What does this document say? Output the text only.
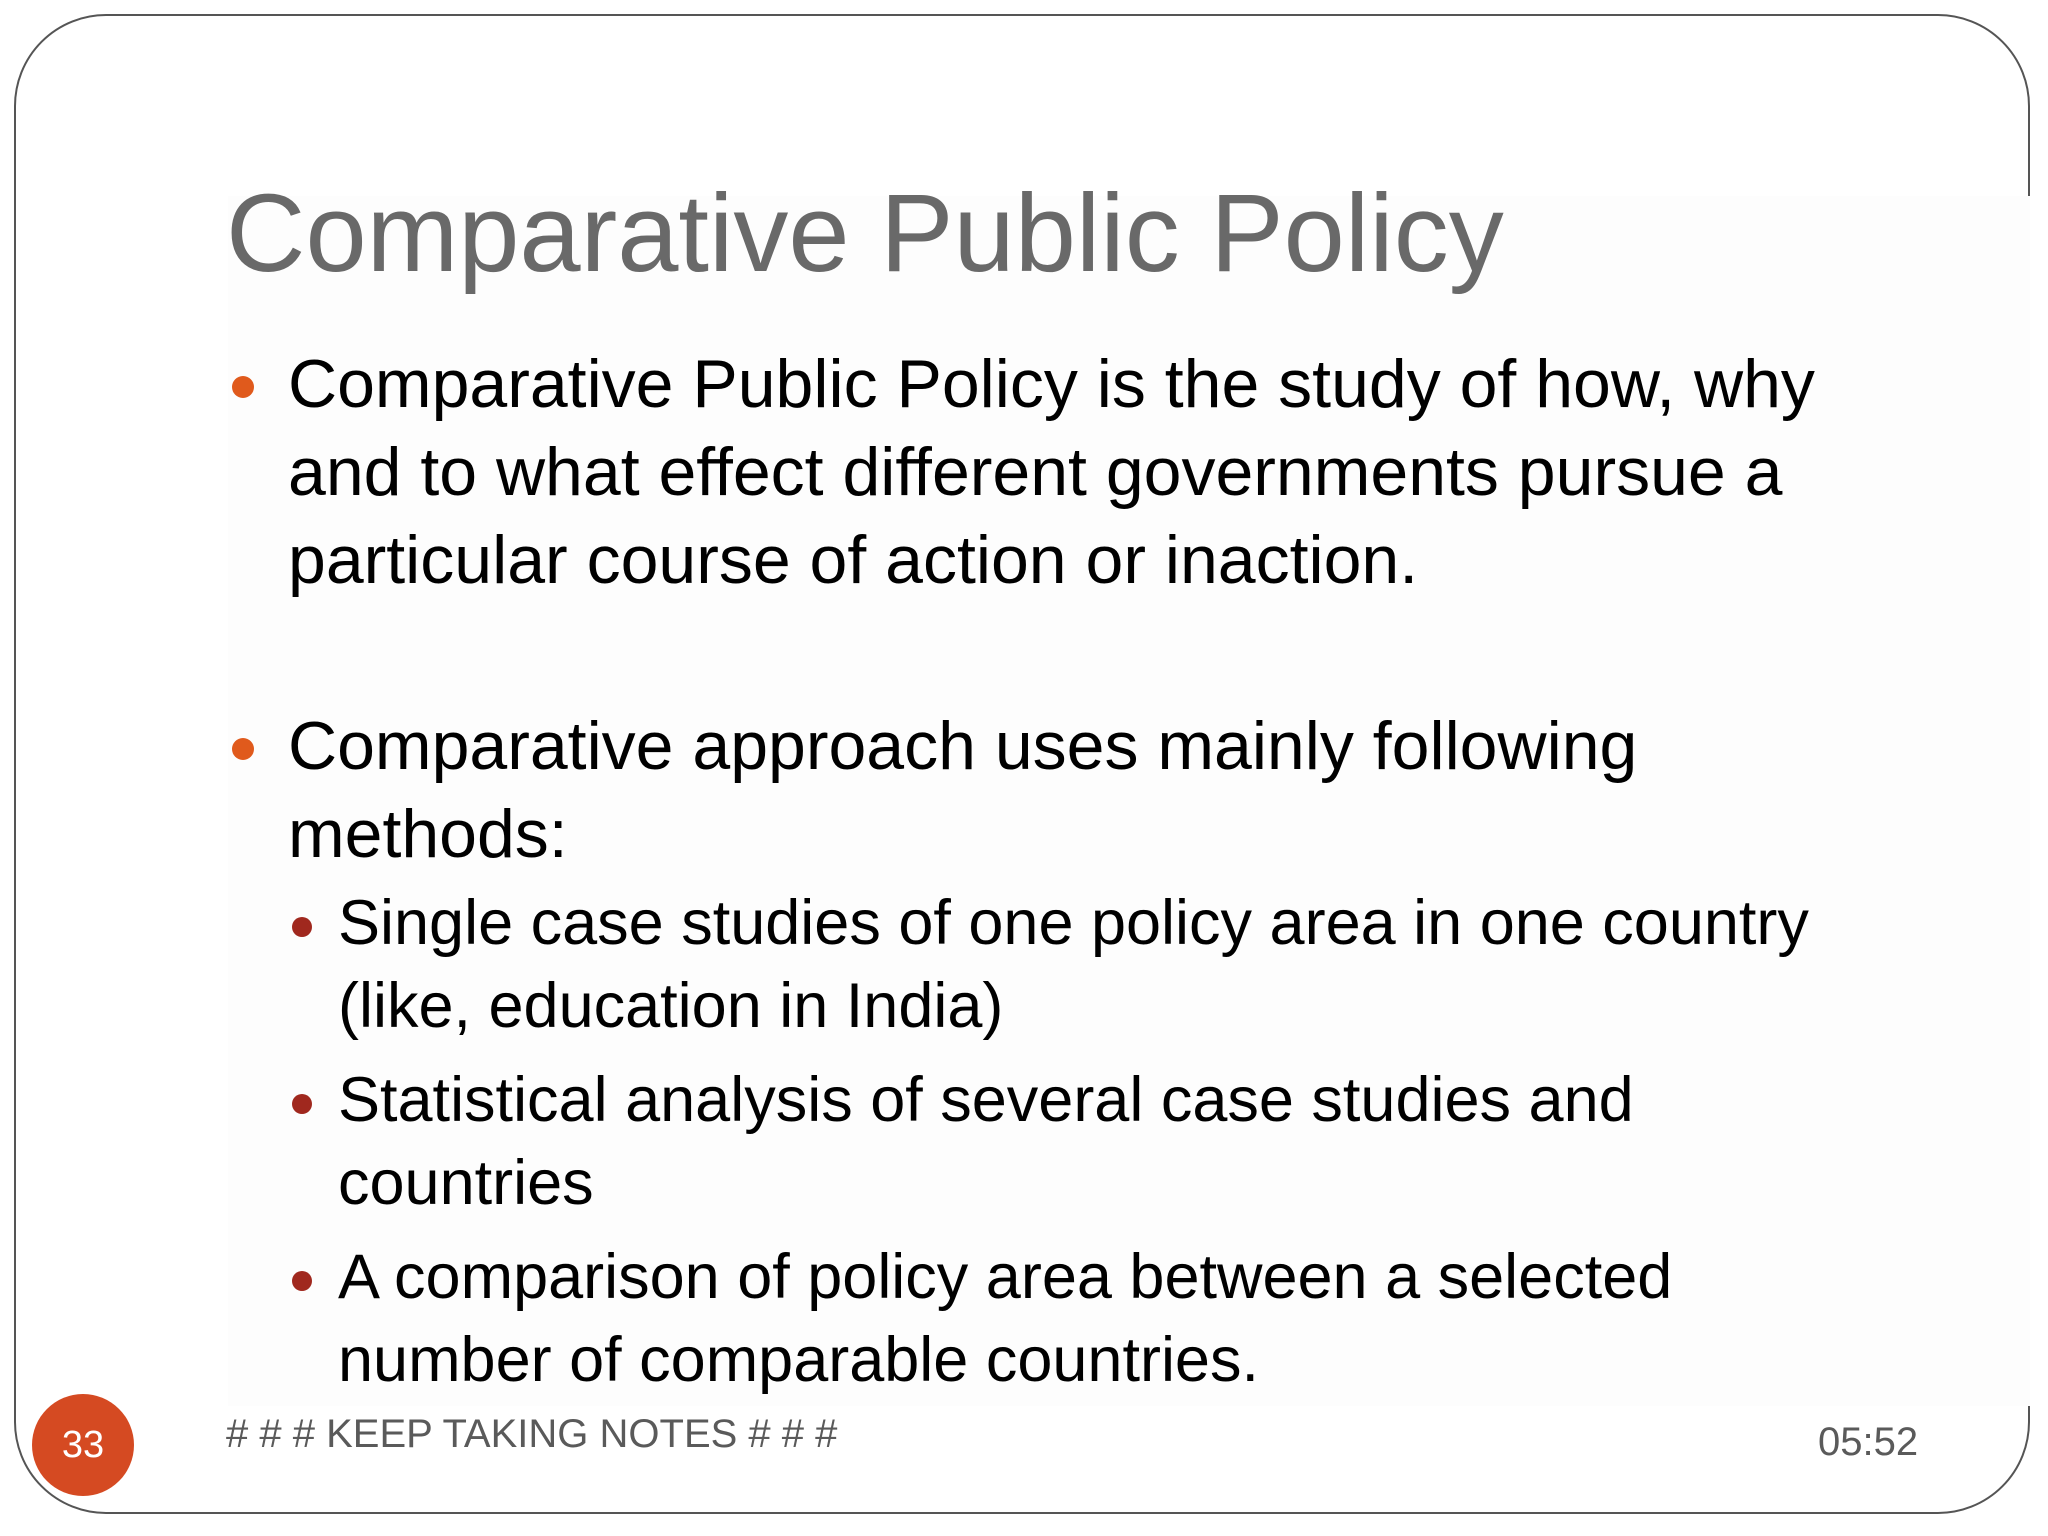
Comparative Public Policy
Comparative Public Policy is the study of how, why and to what effect different governments pursue a particular course of action or inaction.
Comparative approach uses mainly following methods:
Single case studies of one policy area in one country (like, education in India)
Statistical analysis of several case studies and countries
A comparison of policy area between a selected number of comparable countries.
33	# # # KEEP TAKING NOTES # # #	05:52
